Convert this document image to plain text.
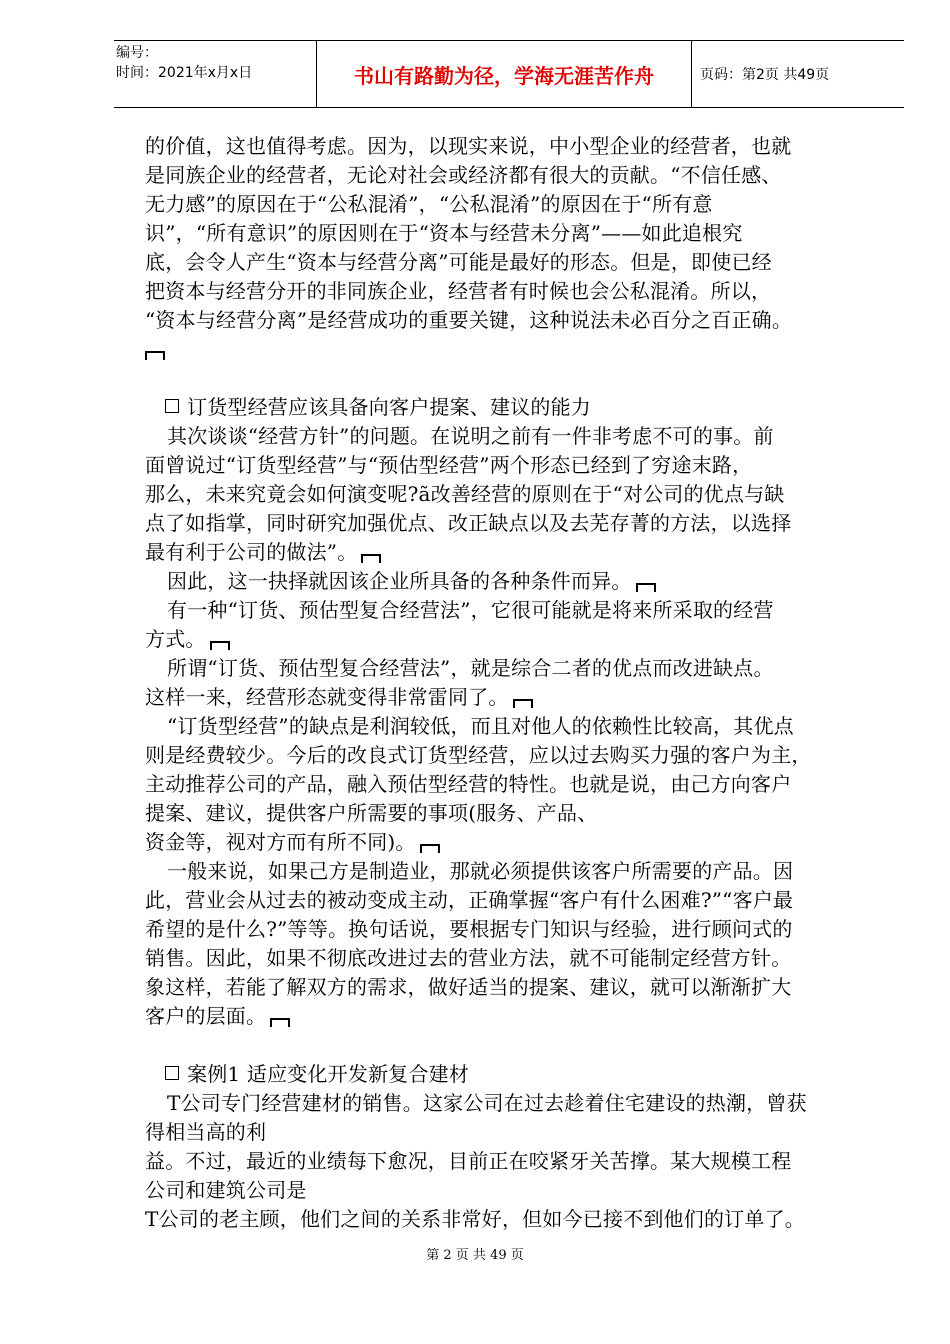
编号：
时间：2021年x月x日	书山有路勤为径，学海无涯苦作舟	页码：第2页 共49页

的价值，这也值得考虑。因为，以现实来说，中小型企业的经营者，也就

是同族企业的经营者，无论对社会或经济都有很大的贡献。“不信任感、

无力感”的原因在于“公私混淆”，“公私混淆”的原因在于“所有意

识”，“所有意识”的原因则在于“资本与经营未分离”——如此追根究

底，会令人产生“资本与经营分离”可能是最好的形态。但是，即使已经

把资本与经营分开的非同族企业，经营者有时候也会公私混淆。所以，

“资本与经营分离”是经营成功的重要关键，这种说法未必百分之百正确。

订货型经营应该具备向客户提案、建议的能力

其次谈谈“经营方针”的问题。在说明之前有一件非考虑不可的事。前

面曾说过“订货型经营”与“预估型经营”两个形态已经到了穷途末路，

那么，未来究竟会如何演变呢?ã改善经营的原则在于“对公司的优点与缺

点了如指掌，同时研究加强优点、改正缺点以及去芜存菁的方法，以选择

最有利于公司的做法”。

因此，这一抉择就因该企业所具备的各种条件而异。

有一种“订货、预估型复合经营法”，它很可能就是将来所采取的经营

方式。

所谓“订货、预估型复合经营法”，就是综合二者的优点而改进缺点。

这样一来，经营形态就变得非常雷同了。

“订货型经营”的缺点是利润较低，而且对他人的依赖性比较高，其优点

则是经费较少。今后的改良式订货型经营，应以过去购买力强的客户为主，

主动推荐公司的产品，融入预估型经营的特性。也就是说，由己方向客户

提案、建议，提供客户所需要的事项(服务、产品、

资金等，视对方而有所不同)。

一般来说，如果己方是制造业，那就必须提供该客户所需要的产品。因

此，营业会从过去的被动变成主动，正确掌握“客户有什么困难?”“客户最

希望的是什么?”等等。换句话说，要根据专门知识与经验，进行顾问式的

销售。因此，如果不彻底改进过去的营业方法，就不可能制定经营方针。

象这样，若能了解双方的需求，做好适当的提案、建议，就可以渐渐扩大

客户的层面。

案例1 适应变化开发新复合建材

T公司专门经营建材的销售。这家公司在过去趁着住宅建设的热潮，曾获

得相当高的利

益。不过，最近的业绩每下愈况，目前正在咬紧牙关苦撑。某大规模工程

公司和建筑公司是

T公司的老主顾，他们之间的关系非常好，但如今已接不到他们的订单了。

第 2 页 共 49 页
